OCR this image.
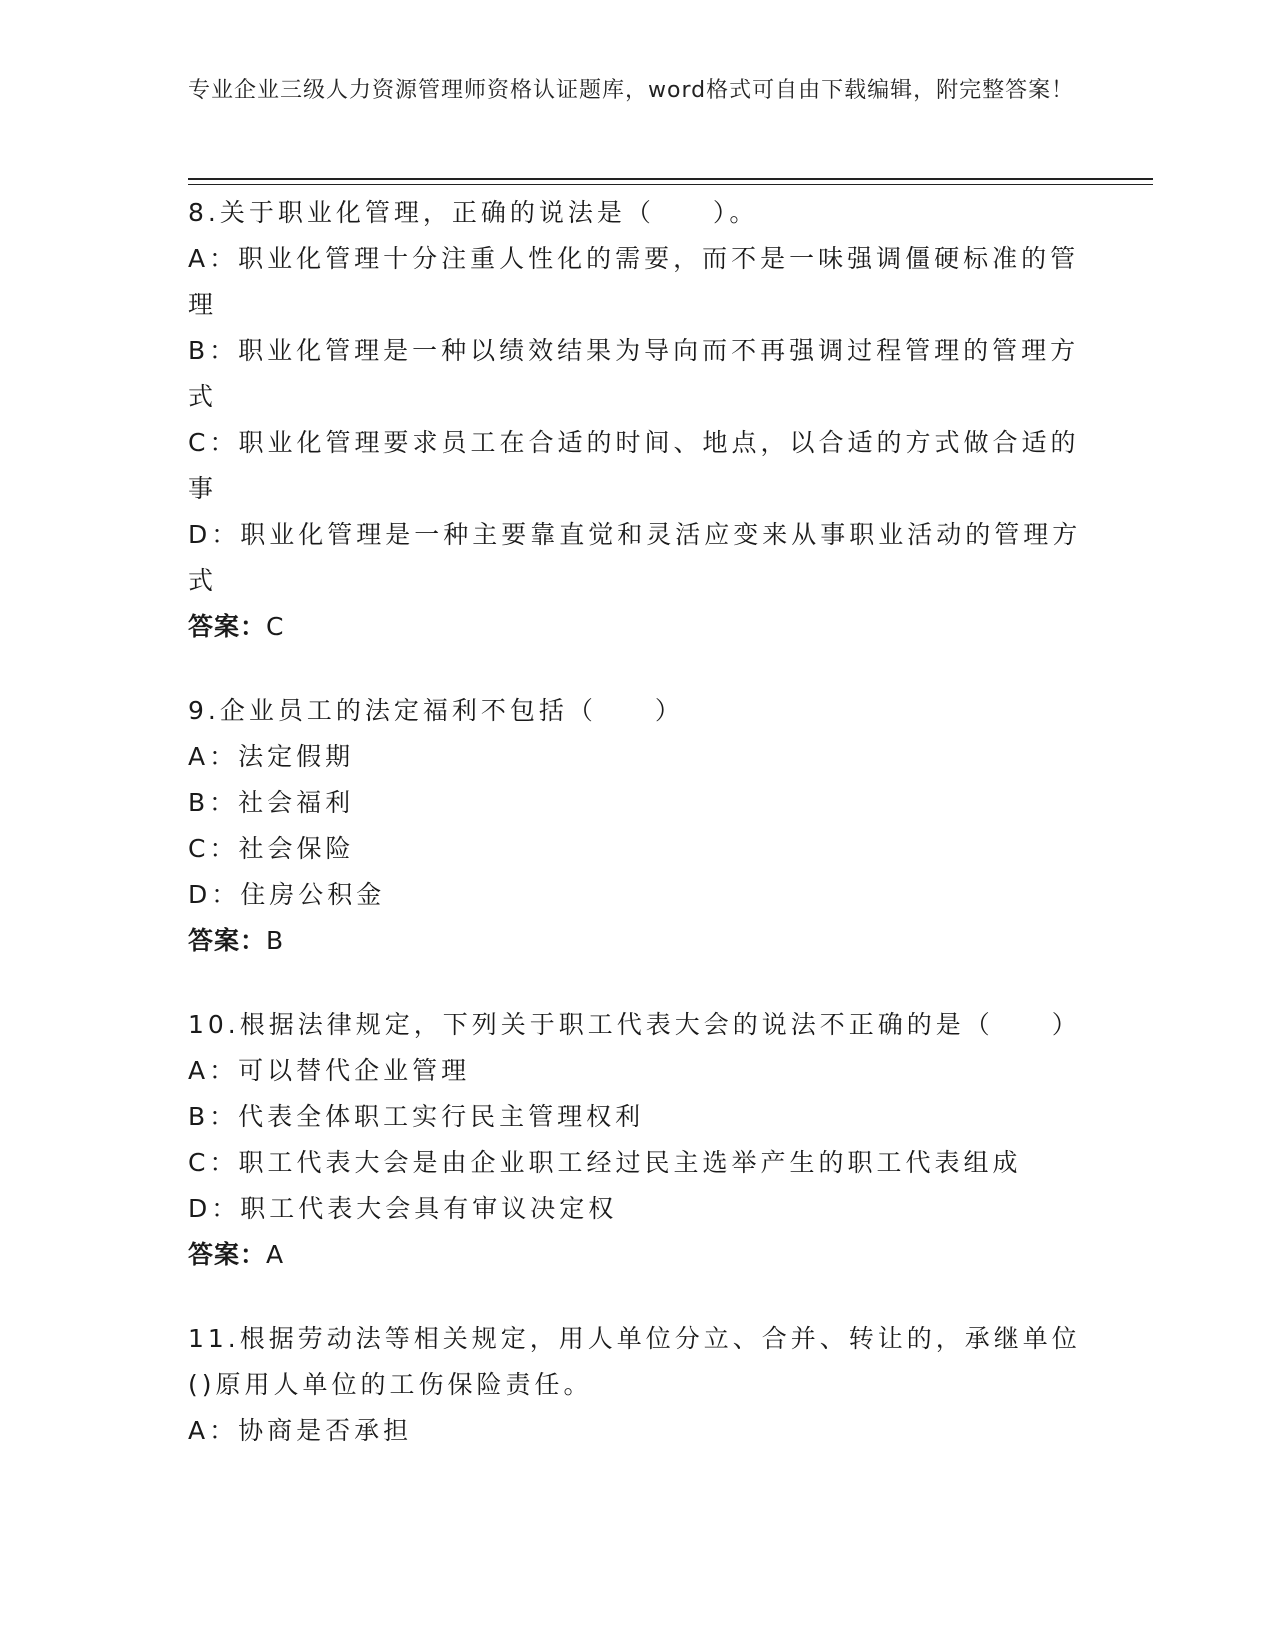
专业企业三级人力资源管理师资格认证题库，word格式可自由下载编辑，附完整答案！

8.关于职业化管理，正确的说法是（　　）。

A：职业化管理十分注重人性化的需要，而不是一味强调僵硬标准的管理

B：职业化管理是一种以绩效结果为导向而不再强调过程管理的管理方式

C：职业化管理要求员工在合适的时间、地点，以合适的方式做合适的事

D：职业化管理是一种主要靠直觉和灵活应变来从事职业活动的管理方式

答案：C

9.企业员工的法定福利不包括（　　）

A：法定假期

B：社会福利

C：社会保险

D：住房公积金

答案：B

10.根据法律规定，下列关于职工代表大会的说法不正确的是（　　）

A：可以替代企业管理

B：代表全体职工实行民主管理权利

C：职工代表大会是由企业职工经过民主选举产生的职工代表组成

D：职工代表大会具有审议决定权

答案：A

11.根据劳动法等相关规定，用人单位分立、合并、转让的，承继单位()原用人单位的工伤保险责任。

A：协商是否承担
